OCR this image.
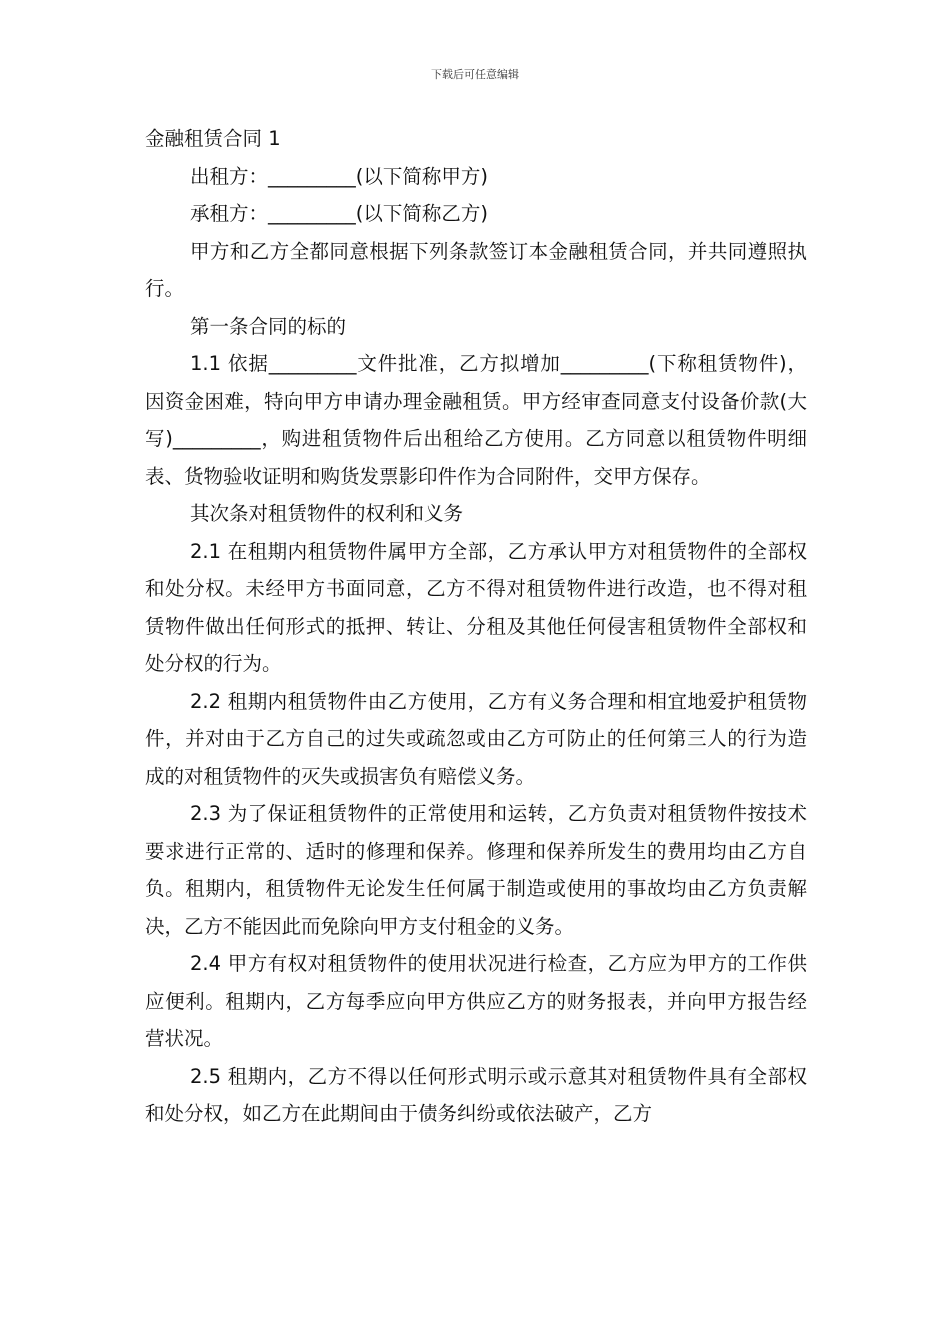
下载后可任意编辑

金融租赁合同 1

出租方：_________(以下简称甲方)

承租方：_________(以下简称乙方)

甲方和乙方全都同意根据下列条款签订本金融租赁合同，并共同遵照执行。

第一条合同的标的

1.1 依据_________文件批准，乙方拟增加_________(下称租赁物件)，因资金困难，特向甲方申请办理金融租赁。甲方经审查同意支付设备价款(大写)_________，购进租赁物件后出租给乙方使用。乙方同意以租赁物件明细表、货物验收证明和购货发票影印件作为合同附件，交甲方保存。

其次条对租赁物件的权利和义务

2.1 在租期内租赁物件属甲方全部，乙方承认甲方对租赁物件的全部权和处分权。未经甲方书面同意，乙方不得对租赁物件进行改造，也不得对租赁物件做出任何形式的抵押、转让、分租及其他任何侵害租赁物件全部权和处分权的行为。

2.2 租期内租赁物件由乙方使用，乙方有义务合理和相宜地爱护租赁物件，并对由于乙方自己的过失或疏忽或由乙方可防止的任何第三人的行为造成的对租赁物件的灭失或损害负有赔偿义务。

2.3 为了保证租赁物件的正常使用和运转，乙方负责对租赁物件按技术要求进行正常的、适时的修理和保养。修理和保养所发生的费用均由乙方自负。租期内，租赁物件无论发生任何属于制造或使用的事故均由乙方负责解决，乙方不能因此而免除向甲方支付租金的义务。

2.4 甲方有权对租赁物件的使用状况进行检查，乙方应为甲方的工作供应便利。租期内，乙方每季应向甲方供应乙方的财务报表，并向甲方报告经营状况。

2.5 租期内，乙方不得以任何形式明示或示意其对租赁物件具有全部权和处分权，如乙方在此期间由于债务纠纷或依法破产，乙方
